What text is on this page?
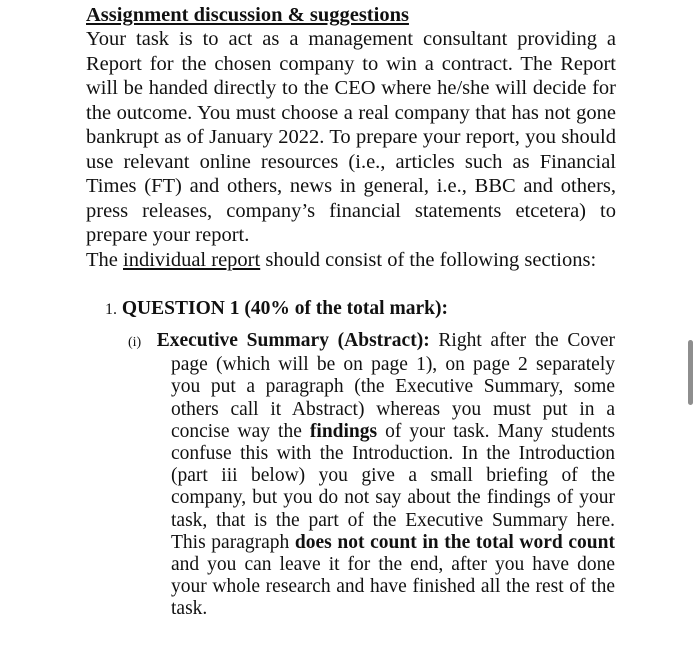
Assignment discussion & suggestions

Your task is to act as a management consultant providing a Report for the chosen company to win a contract. The Report will be handed directly to the CEO where he/she will decide for the outcome. You must choose a real company that has not gone bankrupt as of January 2022. To prepare your report, you should use relevant online resources (i.e., articles such as Financial Times (FT) and others, news in general, i.e., BBC and others, press releases, company’s financial statements etcetera) to prepare your report.

The individual report should consist of the following sections:

1. QUESTION 1 (40% of the total mark):

(i) Executive Summary (Abstract): Right after the Cover page (which will be on page 1), on page 2 separately you put a paragraph (the Executive Summary, some others call it Abstract) whereas you must put in a concise way the findings of your task. Many students confuse this with the Introduction. In the Introduction (part iii below) you give a small briefing of the company, but you do not say about the findings of your task, that is the part of the Executive Summary here. This paragraph does not count in the total word count and you can leave it for the end, after you have done your whole research and have finished all the rest of the task.
